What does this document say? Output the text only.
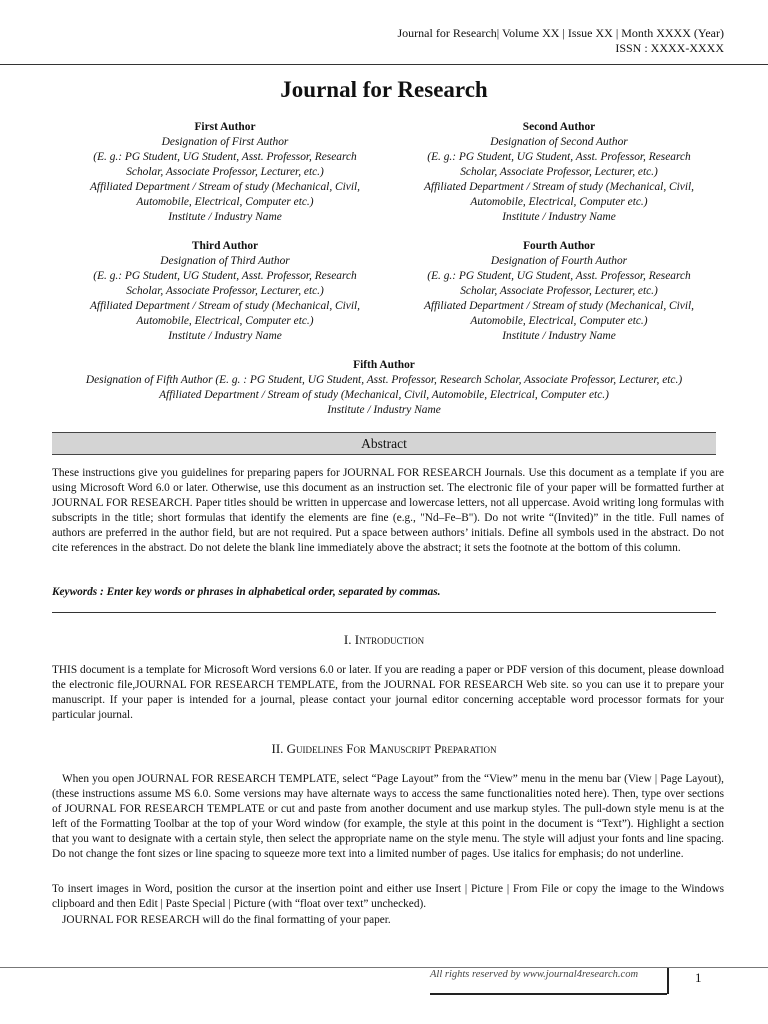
Journal for Research| Volume XX | Issue XX | Month XXXX (Year)
ISSN : XXXX-XXXX
Journal for Research
First Author
Designation of First Author
(E. g.: PG Student, UG Student, Asst. Professor, Research
Scholar, Associate Professor, Lecturer, etc.)
Affiliated Department / Stream of study (Mechanical, Civil,
Automobile, Electrical, Computer etc.)
Institute / Industry Name
Second Author
Designation of Second Author
(E. g.: PG Student, UG Student, Asst. Professor, Research
Scholar, Associate Professor, Lecturer, etc.)
Affiliated Department / Stream of study (Mechanical, Civil,
Automobile, Electrical, Computer etc.)
Institute / Industry Name
Third Author
Designation of Third Author
(E. g.: PG Student, UG Student, Asst. Professor, Research
Scholar, Associate Professor, Lecturer, etc.)
Affiliated Department / Stream of study (Mechanical, Civil,
Automobile, Electrical, Computer etc.)
Institute / Industry Name
Fourth Author
Designation of Fourth Author
(E. g.: PG Student, UG Student, Asst. Professor, Research
Scholar, Associate Professor, Lecturer, etc.)
Affiliated Department / Stream of study (Mechanical, Civil,
Automobile, Electrical, Computer etc.)
Institute / Industry Name
Fifth Author
Designation of Fifth Author (E. g. : PG Student, UG Student, Asst. Professor, Research Scholar, Associate Professor, Lecturer, etc.)
Affiliated Department / Stream of study (Mechanical, Civil, Automobile, Electrical, Computer etc.)
Institute / Industry Name
Abstract
These instructions give you guidelines for preparing papers for JOURNAL FOR RESEARCH Journals. Use this document as a template if you are using Microsoft Word 6.0 or later. Otherwise, use this document as an instruction set. The electronic file of your paper will be formatted further at JOURNAL FOR RESEARCH. Paper titles should be written in uppercase and lowercase letters, not all uppercase. Avoid writing long formulas with subscripts in the title; short formulas that identify the elements are fine (e.g., "Nd–Fe–B"). Do not write “(Invited)” in the title. Full names of authors are preferred in the author field, but are not required. Put a space between authors’ initials. Define all symbols used in the abstract. Do not cite references in the abstract. Do not delete the blank line immediately above the abstract; it sets the footnote at the bottom of this column.
Keywords : Enter key words or phrases in alphabetical order, separated by commas.
I. Introduction
THIS document is a template for Microsoft Word versions 6.0 or later. If you are reading a paper or PDF version of this document, please download the electronic file,JOURNAL FOR RESEARCH TEMPLATE, from the JOURNAL FOR RESEARCH Web site. so you can use it to prepare your manuscript. If your paper is intended for a journal, please contact your journal editor concerning acceptable word processor formats for your particular journal.
II. Guidelines For Manuscript Preparation
When you open JOURNAL FOR RESEARCH TEMPLATE, select “Page Layout” from the “View” menu in the menu bar (View | Page Layout), (these instructions assume MS 6.0. Some versions may have alternate ways to access the same functionalities noted here). Then, type over sections of JOURNAL FOR RESEARCH TEMPLATE or cut and paste from another document and use markup styles. The pull-down style menu is at the left of the Formatting Toolbar at the top of your Word window (for example, the style at this point in the document is “Text”). Highlight a section that you want to designate with a certain style, then select the appropriate name on the style menu. The style will adjust your fonts and line spacing. Do not change the font sizes or line spacing to squeeze more text into a limited number of pages. Use italics for emphasis; do not underline.
To insert images in Word, position the cursor at the insertion point and either use Insert | Picture | From File or copy the image to the Windows clipboard and then Edit | Paste Special | Picture (with “float over text” unchecked).
JOURNAL FOR RESEARCH will do the final formatting of your paper.
All rights reserved by www.journal4research.com	1
